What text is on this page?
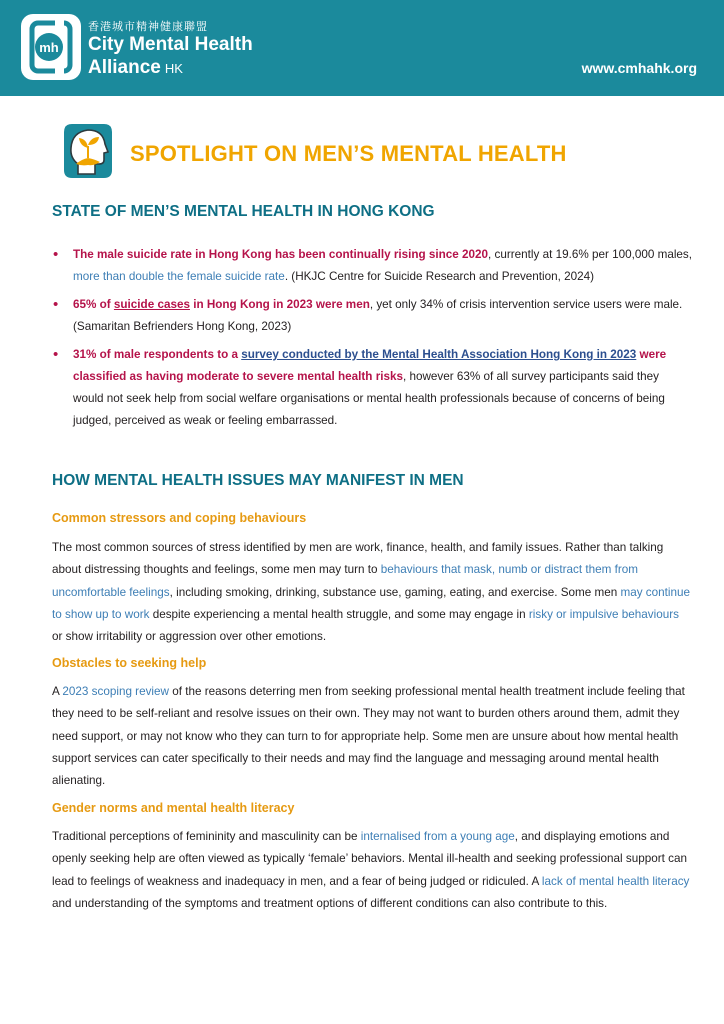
mh
香港城市精神健康聯盟
City Mental Health
Alliance HK	www.cmhahk.org
SPOTLIGHT ON MEN’S MENTAL HEALTH
STATE OF MEN’S MENTAL HEALTH IN HONG KONG
• The male suicide rate in Hong Kong has been continually rising since 2020, currently at 19.6% per 100,000 males, more than double the female suicide rate. (HKJC Centre for Suicide Research and Prevention, 2024)
• 65% of suicide cases in Hong Kong in 2023 were men, yet only 34% of crisis intervention service users were male. (Samaritan Befrienders Hong Kong, 2023)
• 31% of male respondents to a survey conducted by the Mental Health Association Hong Kong in 2023 were classified as having moderate to severe mental health risks, however 63% of all survey participants said they would not seek help from social welfare organisations or mental health professionals because of concerns of being judged, perceived as weak or feeling embarrassed.
HOW MENTAL HEALTH ISSUES MAY MANIFEST IN MEN
Common stressors and coping behaviours

The most common sources of stress identified by men are work, finance, health, and family issues. Rather than talking about distressing thoughts and feelings, some men may turn to behaviours that mask, numb or distract them from uncomfortable feelings, including smoking, drinking, substance use, gaming, eating, and exercise. Some men may continue to show up to work despite experiencing a mental health struggle, and some may engage in risky or impulsive behaviours or show irritability or aggression over other emotions.

Obstacles to seeking help

A 2023 scoping review of the reasons deterring men from seeking professional mental health treatment include feeling that they need to be self-reliant and resolve issues on their own. They may not want to burden others around them, admit they need support, or may not know who they can turn to for appropriate help. Some men are unsure about how mental health support services can cater specifically to their needs and may find the language and messaging around mental health alienating.

Gender norms and mental health literacy

Traditional perceptions of femininity and masculinity can be internalised from a young age, and displaying emotions and openly seeking help are often viewed as typically ‘female’ behaviors. Mental ill-health and seeking professional support can lead to feelings of weakness and inadequacy in men, and a fear of being judged or ridiculed. A lack of mental health literacy and understanding of the symptoms and treatment options of different conditions can also contribute to this.
